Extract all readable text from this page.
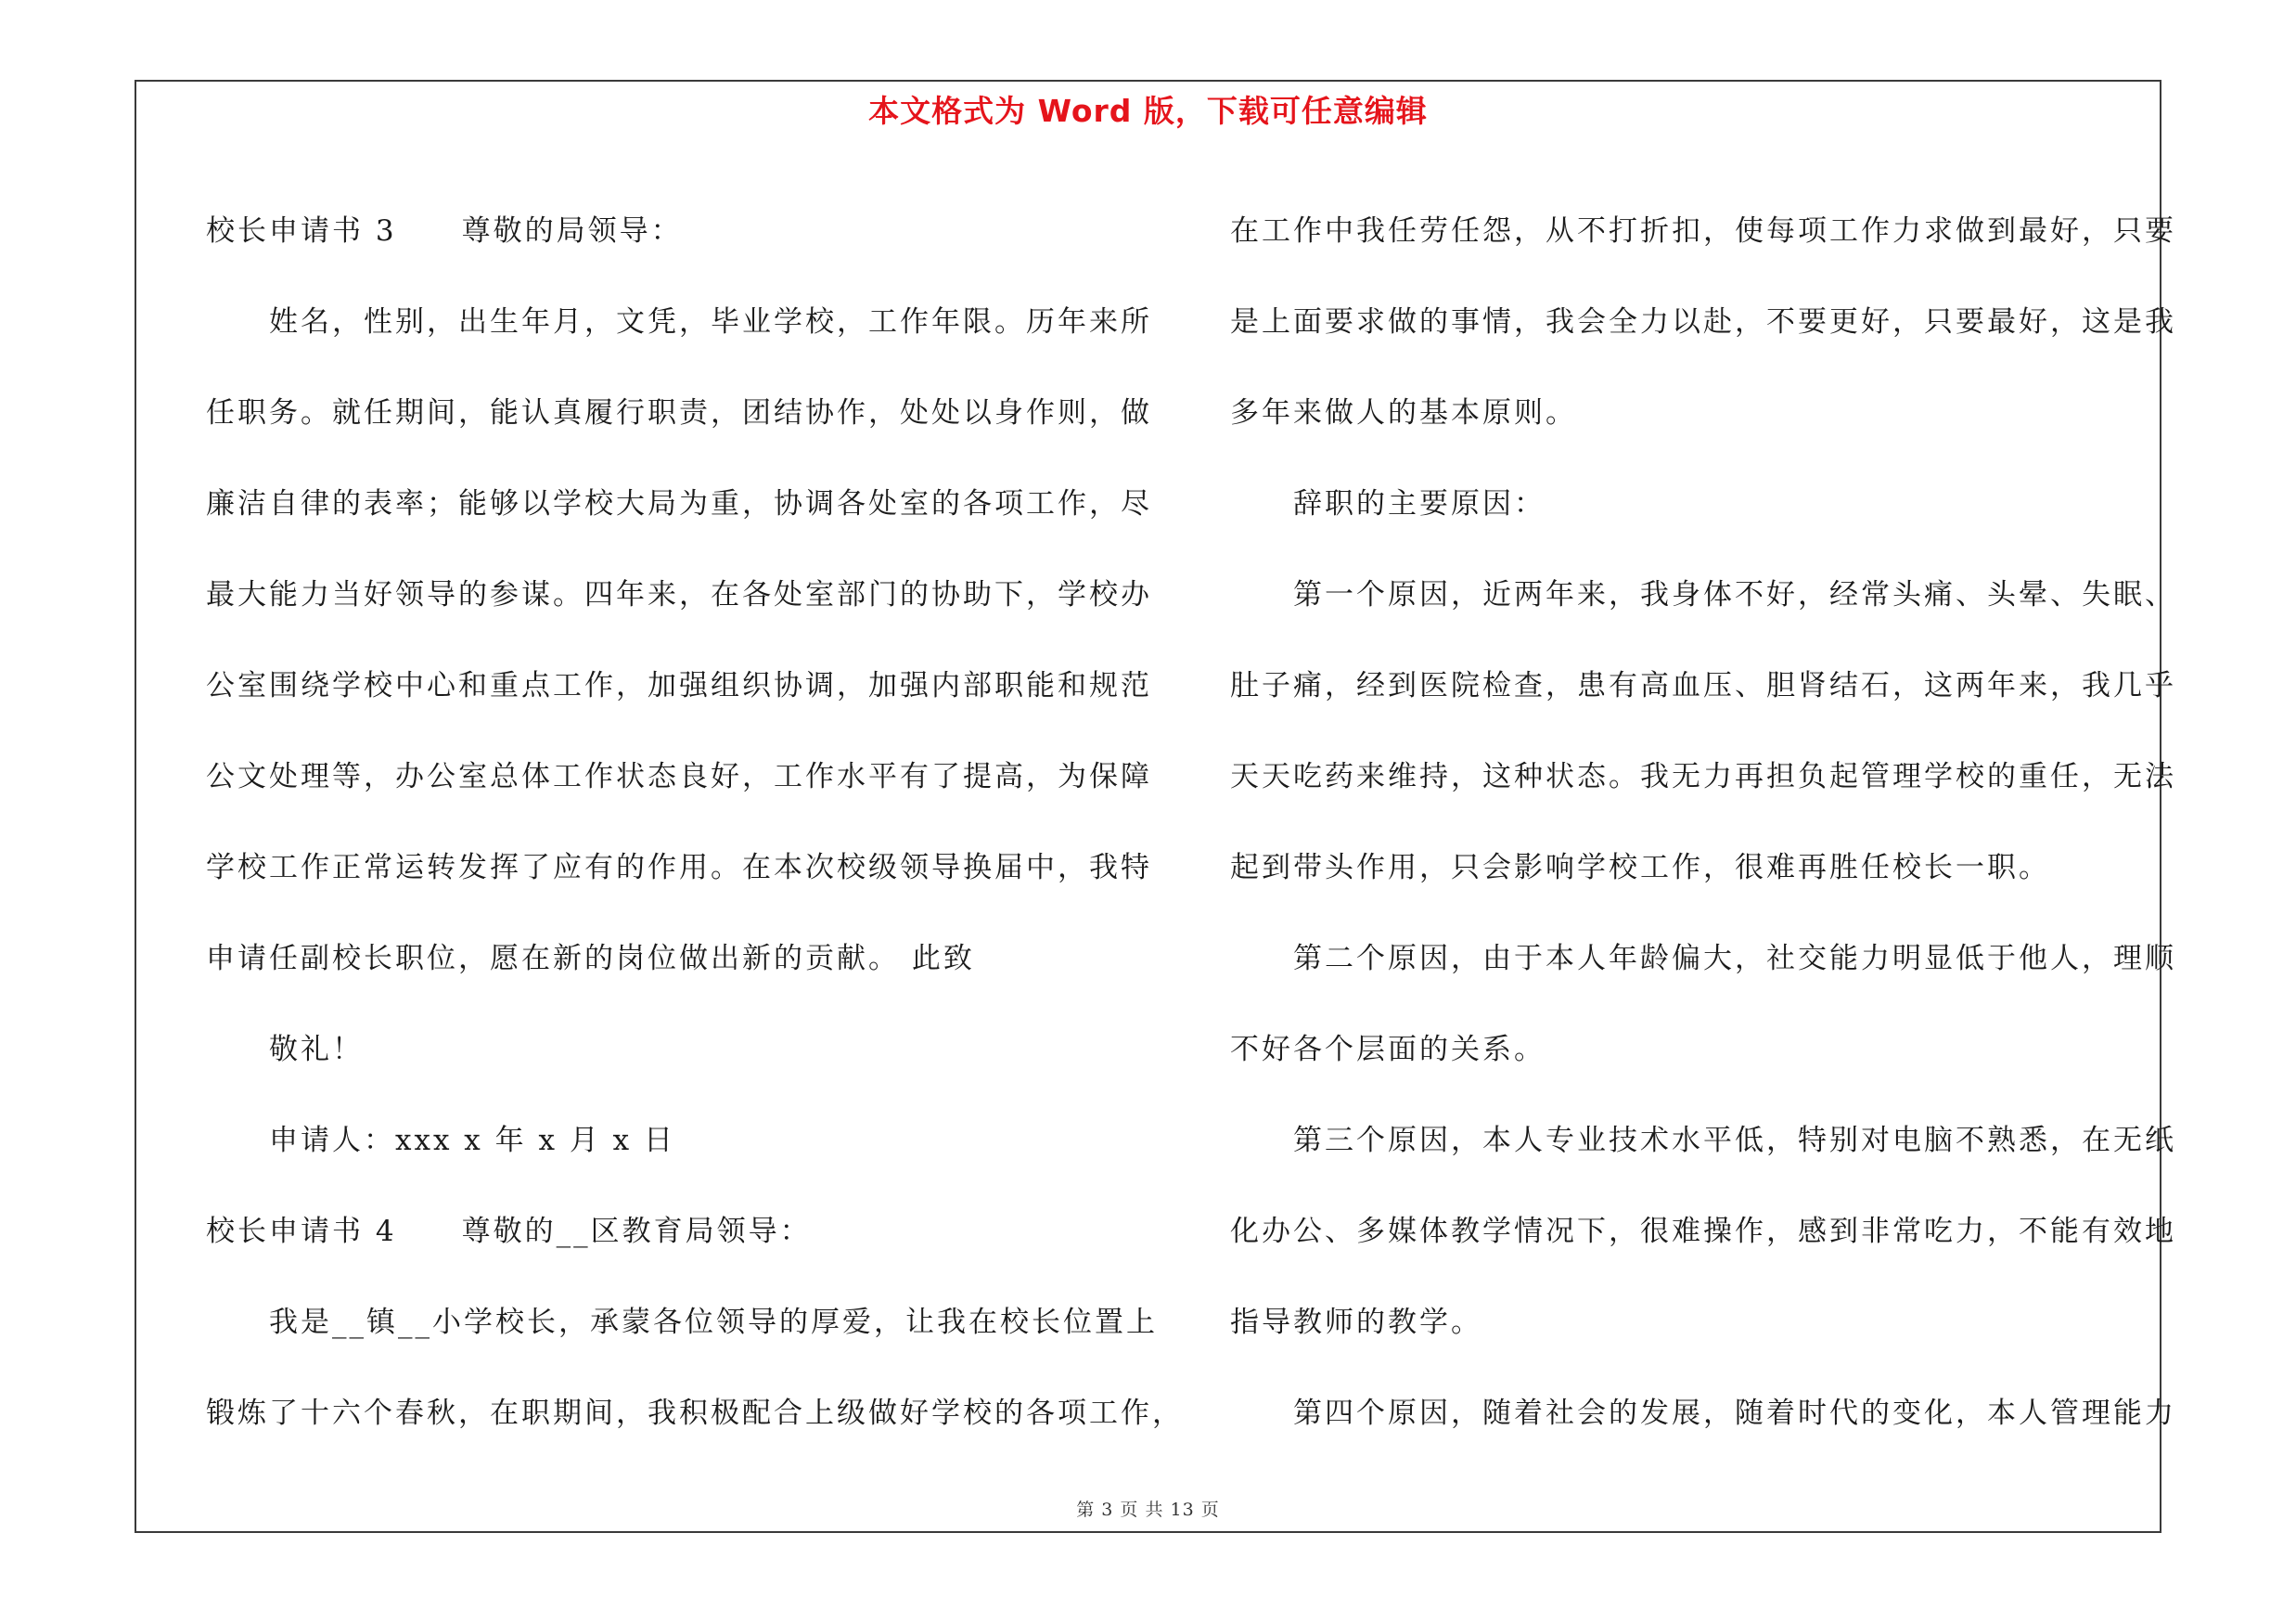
本文格式为 Word 版，下载可任意编辑
校长申请书 3 尊敬的局领导：

姓名，性别，出生年月，文凭，毕业学校，工作年限。历年来所

任职务。就任期间，能认真履行职责，团结协作，处处以身作则，做

廉洁自律的表率；能够以学校大局为重，协调各处室的各项工作，尽

最大能力当好领导的参谋。四年来，在各处室部门的协助下，学校办

公室围绕学校中心和重点工作，加强组织协调，加强内部职能和规范

公文处理等，办公室总体工作状态良好，工作水平有了提高，为保障

学校工作正常运转发挥了应有的作用。在本次校级领导换届中，我特

申请任副校长职位，愿在新的岗位做出新的贡献。 此致

敬礼！

申请人：xxx x 年 x 月 x 日

校长申请书 4 尊敬的__区教育局领导：

我是__镇__小学校长，承蒙各位领导的厚爱，让我在校长位置上

锻炼了十六个春秋，在职期间，我积极配合上级做好学校的各项工作，

在工作中我任劳任怨，从不打折扣，使每项工作力求做到最好，只要

是上面要求做的事情，我会全力以赴，不要更好，只要最好，这是我

多年来做人的基本原则。

辞职的主要原因：

第一个原因，近两年来，我身体不好，经常头痛、头晕、失眠、

肚子痛，经到医院检查，患有高血压、胆肾结石，这两年来，我几乎

天天吃药来维持，这种状态。我无力再担负起管理学校的重任，无法

起到带头作用，只会影响学校工作，很难再胜任校长一职。

第二个原因，由于本人年龄偏大，社交能力明显低于他人，理顺

不好各个层面的关系。

第三个原因，本人专业技术水平低，特别对电脑不熟悉，在无纸

化办公、多媒体教学情况下，很难操作，感到非常吃力，不能有效地

指导教师的教学。

第四个原因，随着社会的发展，随着时代的变化，本人管理能力

第 3 页 共 13 页
